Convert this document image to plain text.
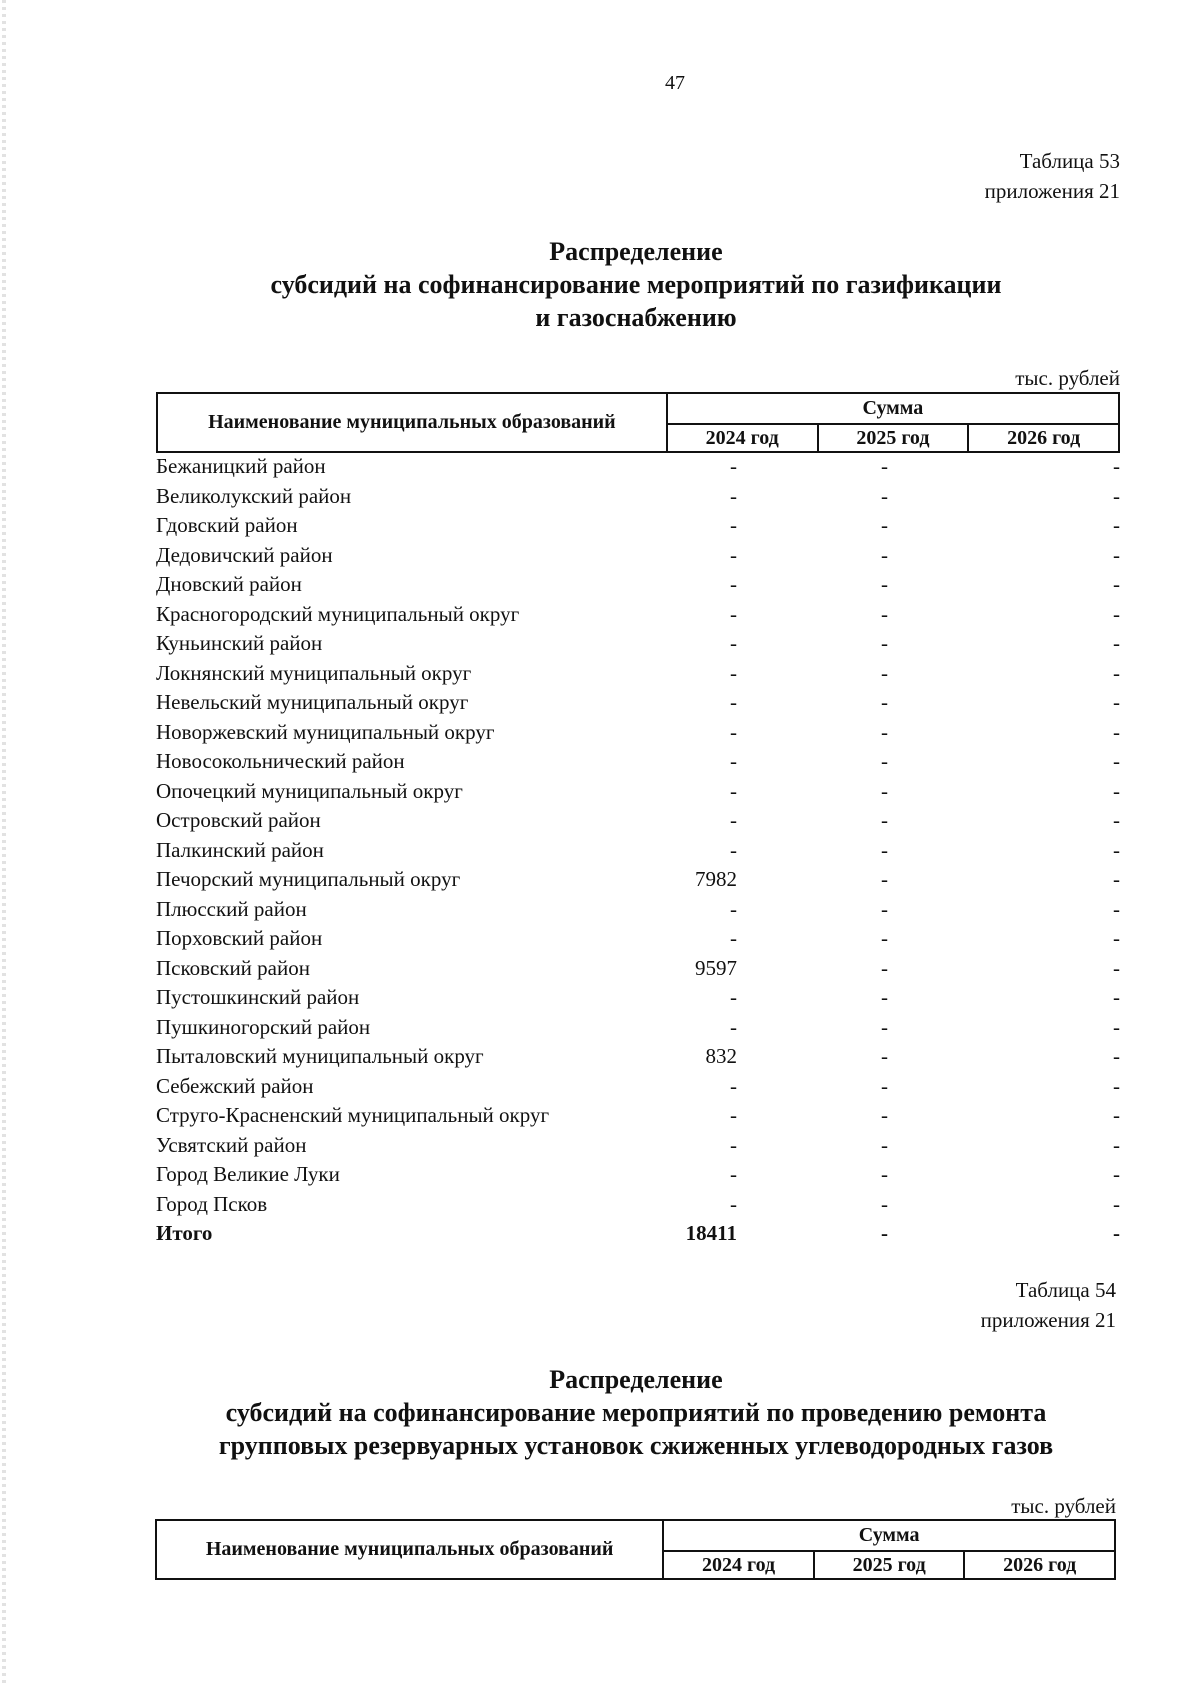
47
Таблица 53
приложения 21
Распределение
субсидий на софинансирование мероприятий по газификации
и газоснабжению
тыс. рублей
Наименование муниципальных образований	Сумма		
	2024 год	2025 год	2026 год
Бежаницкий район	-	-	-
Великолукский район	-	-	-
Гдовский район	-	-	-
Дедовичский район	-	-	-
Дновский район	-	-	-
Красногородский муниципальный округ	-	-	-
Куньинский район	-	-	-
Локнянский муниципальный округ	-	-	-
Невельский муниципальный округ	-	-	-
Новоржевский муниципальный округ	-	-	-
Новосокольнический район	-	-	-
Опочецкий муниципальный округ	-	-	-
Островский район	-	-	-
Палкинский район	-	-	-
Печорский муниципальный округ	7982	-	-
Плюсский район	-	-	-
Порховский район	-	-	-
Псковский район	9597	-	-
Пустошкинский район	-	-	-
Пушкиногорский район	-	-	-
Пыталовский муниципальный округ	832	-	-
Себежский район	-	-	-
Струго-Красненский муниципальный округ	-	-	-
Усвятский район	-	-	-
Город Великие Луки	-	-	-
Город Псков	-	-	-
Итого	18411	-	-
Таблица 54
приложения 21
Распределение
субсидий на софинансирование мероприятий по проведению ремонта
групповых резервуарных установок сжиженных углеводородных газов
тыс. рублей
Наименование муниципальных образований	Сумма		
	2024 год	2025 год	2026 год
